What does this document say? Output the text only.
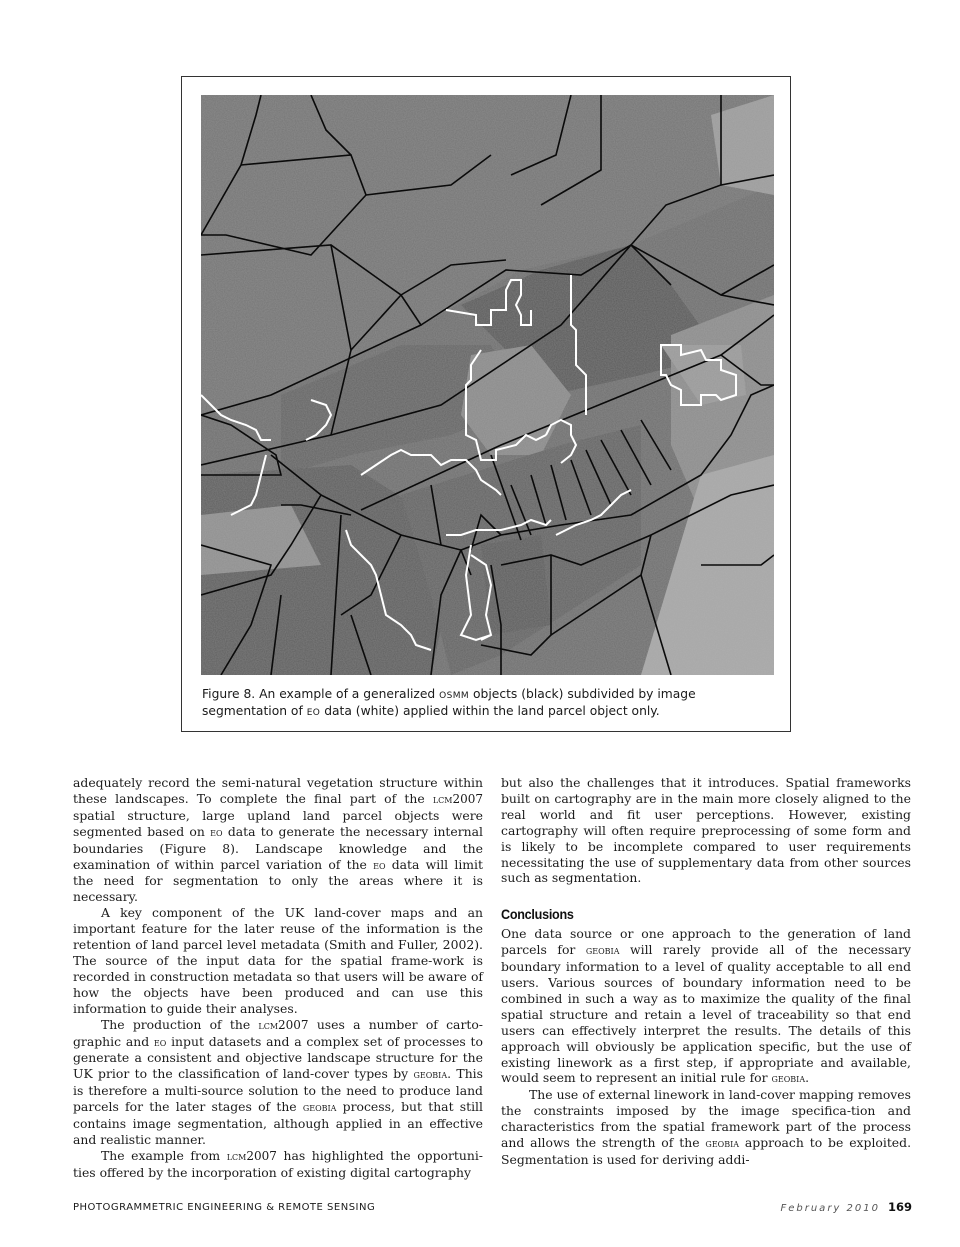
Figure 8. An example of a generalized osmm objects (black) subdivided by image segmentation of eo data (white) applied within the land parcel object only.

adequately record the semi-natural vegetation structure within these landscapes. To complete the final part of the lcm2007 spatial structure, large upland land parcel objects were segmented based on eo data to generate the necessary internal boundaries (Figure 8). Landscape knowledge and the examination of within parcel variation of the eo data will limit the need for segmentation to only the areas where it is necessary.

A key component of the UK land-cover maps and an important feature for the later reuse of the information is the retention of land parcel level metadata (Smith and Fuller, 2002). The source of the input data for the spatial frame-work is recorded in construction metadata so that users will be aware of how the objects have been produced and can use this information to guide their analyses.

The production of the lcm2007 uses a number of carto-graphic and eo input datasets and a complex set of processes to generate a consistent and objective landscape structure for the UK prior to the classification of land-cover types by geobia. This is therefore a multi-source solution to the need to produce land parcels for the later stages of the geobia process, but that still contains image segmentation, although applied in an effective and realistic manner.

The example from lcm2007 has highlighted the opportuni-ties offered by the incorporation of existing digital cartography

but also the challenges that it introduces. Spatial frameworks built on cartography are in the main more closely aligned to the real world and fit user perceptions. However, existing cartography will often require preprocessing of some form and is likely to be incomplete compared to user requirements necessitating the use of supplementary data from other sources such as segmentation.

Conclusions

One data source or one approach to the generation of land parcels for geobia will rarely provide all of the necessary boundary information to a level of quality acceptable to all end users. Various sources of boundary information need to be combined in such a way as to maximize the quality of the final spatial structure and retain a level of traceability so that end users can effectively interpret the results. The details of this approach will obviously be application specific, but the use of existing linework as a first step, if appropriate and available, would seem to represent an initial rule for geobia.

The use of external linework in land-cover mapping removes the constraints imposed by the image specifica-tion and characteristics from the spatial framework part of the process and allows the strength of the geobia approach to be exploited. Segmentation is used for deriving addi-

PHOTOGRAMMETRIC ENGINEERING & REMOTE SENSING	February 2010 169
